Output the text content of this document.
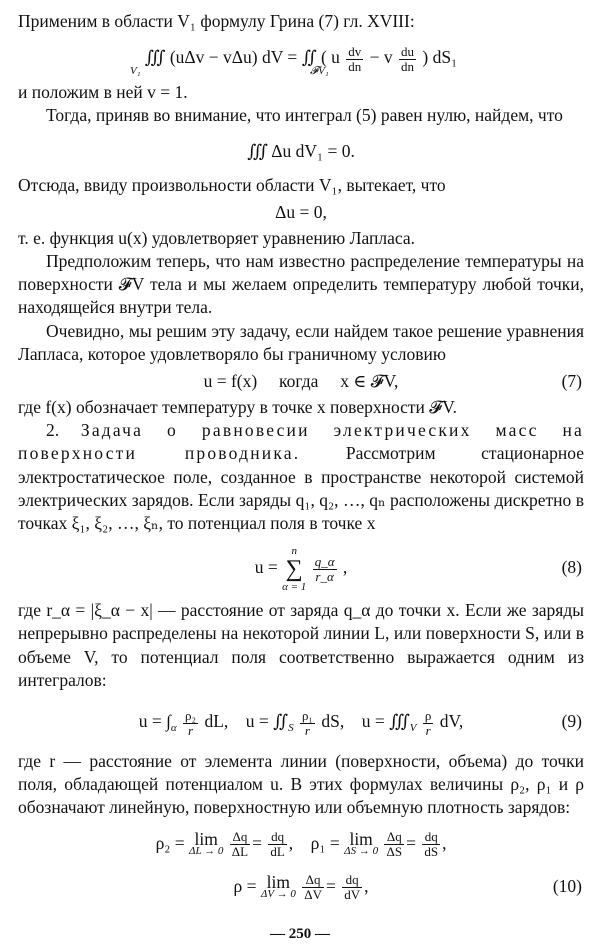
Применим в области V₁ формулу Грина (7) гл. XVIII:

∭ (uΔv − vΔu) dV = ∬ ( u $\frac{dv}{dn} - v \frac{du}{dn}$ ) dS₁
V₁	𝓕V₁

и положим в ней v = 1.

Тогда, приняв во внимание, что интеграл (5) равен нулю, найдем, что

∭ Δu dV₁ = 0.

Отсюда, ввиду произвольности области V₁, вытекает, что

Δu = 0,

т. е. функция u(x) удовлетворяет уравнению Лапласа.

Предположим теперь, что нам известно распределение температуры на поверхности 𝓕V тела и мы желаем определить температуру любой точки, находящейся внутри тела.

Очевидно, мы решим эту задачу, если найдем такое решение уравнения Лапласа, которое удовлетворяло бы граничному условию

u = f(x)     когда     x ∈ 𝓕V,	(7)

где f(x) обозначает температуру в точке x поверхности 𝓕V.

2. Задача о равновесии электрических масс на поверхности проводника. Рассмотрим стационарное электростатическое поле, созданное в пространстве некоторой системой электрических зарядов. Если заряды q₁, q₂, …, qₙ расположены дискретно в точках ξ₁, ξ₂, …, ξₙ, то потенциал поля в точке x

u =
n
∑
α = 1

$\frac{q\_\alpha}{r\_\alpha}$ ,	(8)

где r_α = |ξ_α − x| — расстояние от заряда q_α до точки x. Если же заряды непрерывно распределены на некоторой линии L, или поверхности S, или в объеме V, то потенциал поля соответственно выражается одним из интегралов:

$u = \int_\alpha \frac{\text{ρ₂}}{r}$ dL, $u = ∬_S \frac{\text{ρ₁}}{r}$ dS, $u = ∭_V \frac{\rho}{r}$ dV,	(9)

где r — расстояние от элемента линии (поверхности, объема) до точки поля, обладающей потенциалом u. В этих формулах величины ρ₂, ρ₁ и ρ обозначают линейную, поверхностную или объемную плотность зарядов:

ρ₂ = lim
ΔL → 0
$\frac{\Delta q}{\Delta L} = \frac{dq}{dL}$ ,    ρ₁ = lim
ΔS → 0
$\frac{\Delta q}{\Delta S} = \frac{dq}{dS}$ ,
ρ = lim
ΔV → 0
$\frac{\Delta q}{\Delta V} = \frac{dq}{dV}$ ,	(10)
— 250 —
